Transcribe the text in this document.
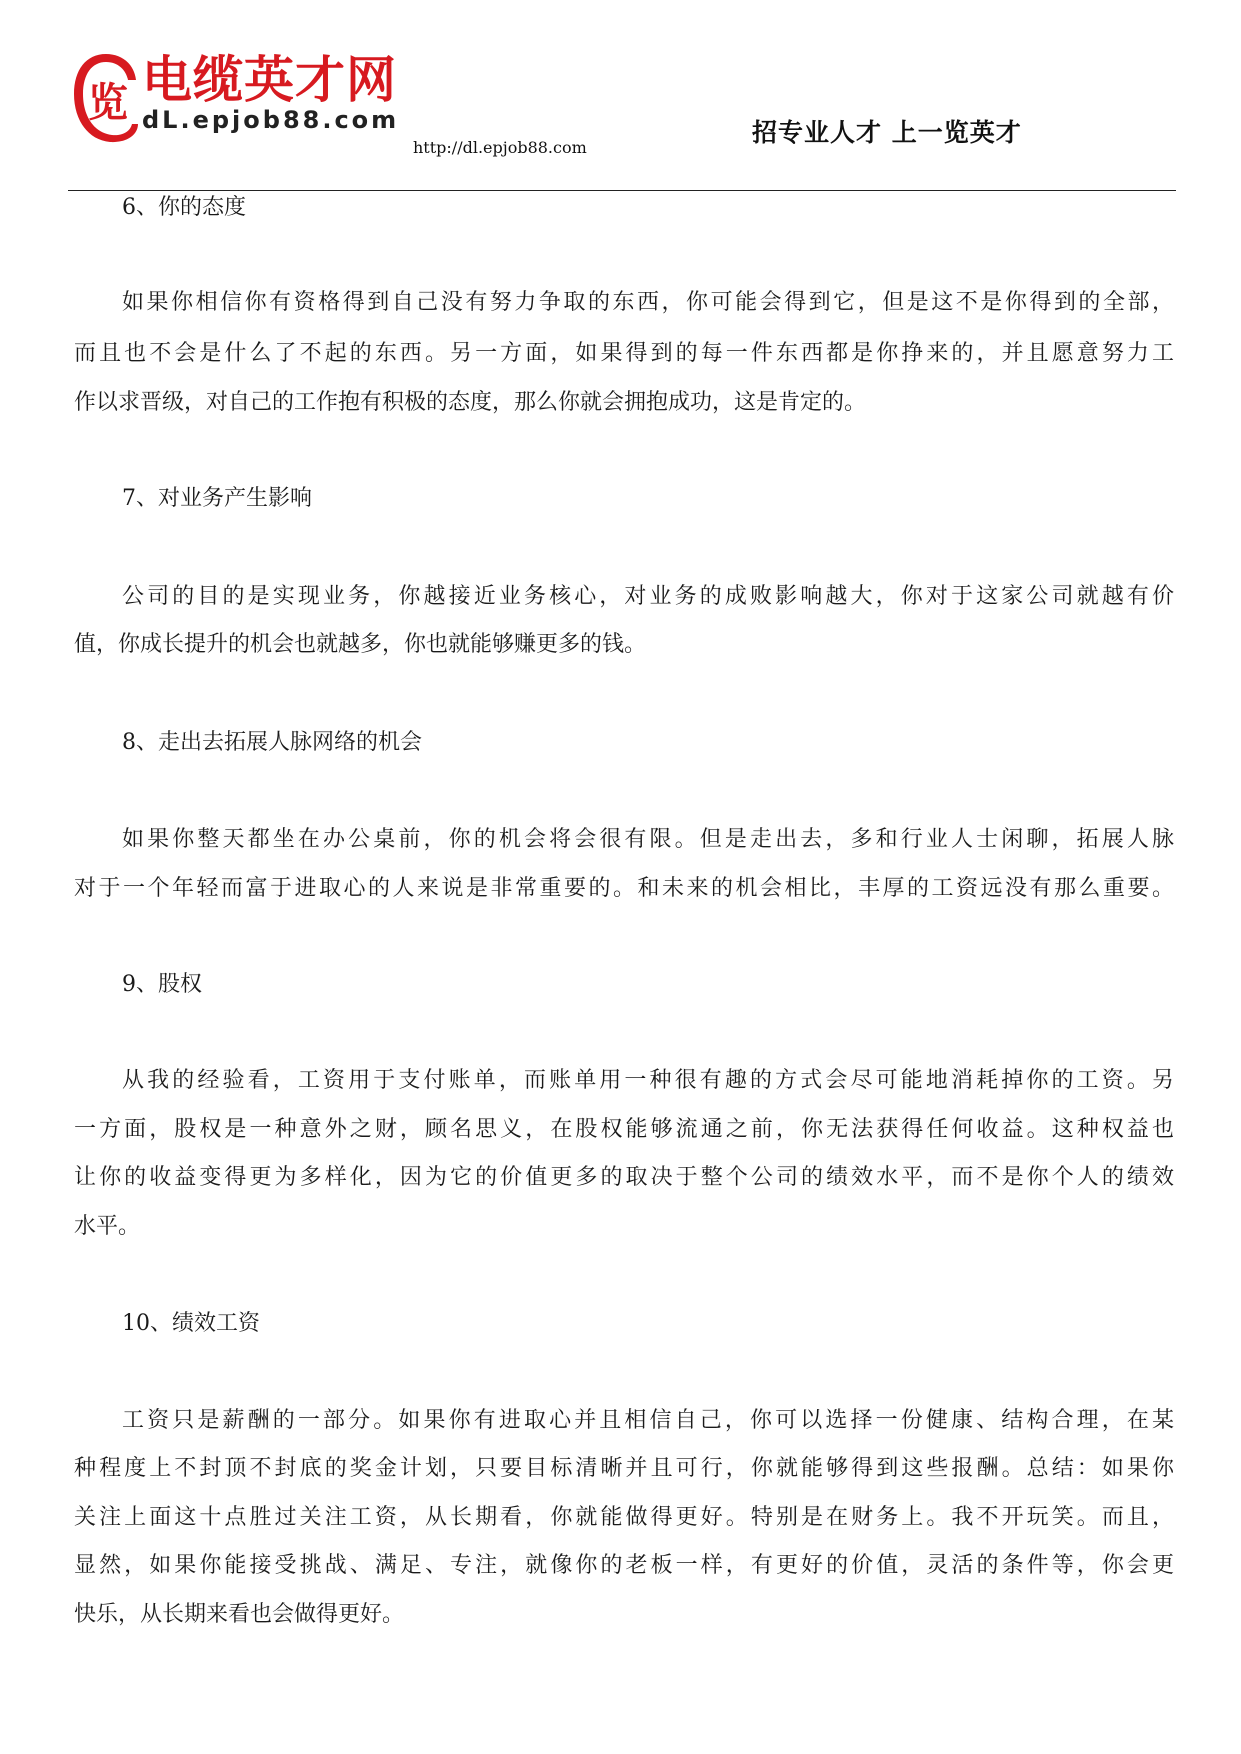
览 电缆英才网
dL.epjob88.com
http://dl.epjob88.com
招专业人才 上一览英才
6、你的态度
如果你相信你有资格得到自己没有努力争取的东西，你可能会得到它，但是这不是你得到的全部，
而且也不会是什么了不起的东西。另一方面，如果得到的每一件东西都是你挣来的，并且愿意努力工
作以求晋级，对自己的工作抱有积极的态度，那么你就会拥抱成功，这是肯定的。
7、对业务产生影响
公司的目的是实现业务，你越接近业务核心，对业务的成败影响越大，你对于这家公司就越有价
值，你成长提升的机会也就越多，你也就能够赚更多的钱。
8、走出去拓展人脉网络的机会
如果你整天都坐在办公桌前，你的机会将会很有限。但是走出去，多和行业人士闲聊，拓展人脉
对于一个年轻而富于进取心的人来说是非常重要的。和未来的机会相比，丰厚的工资远没有那么重要。
9、股权
从我的经验看，工资用于支付账单，而账单用一种很有趣的方式会尽可能地消耗掉你的工资。另
一方面，股权是一种意外之财，顾名思义，在股权能够流通之前，你无法获得任何收益。这种权益也
让你的收益变得更为多样化，因为它的价值更多的取决于整个公司的绩效水平，而不是你个人的绩效
水平。
10、绩效工资
工资只是薪酬的一部分。如果你有进取心并且相信自己，你可以选择一份健康、结构合理，在某
种程度上不封顶不封底的奖金计划，只要目标清晰并且可行，你就能够得到这些报酬。总结：如果你
关注上面这十点胜过关注工资，从长期看，你就能做得更好。特别是在财务上。我不开玩笑。而且，
显然，如果你能接受挑战、满足、专注，就像你的老板一样，有更好的价值，灵活的条件等，你会更
快乐，从长期来看也会做得更好。
